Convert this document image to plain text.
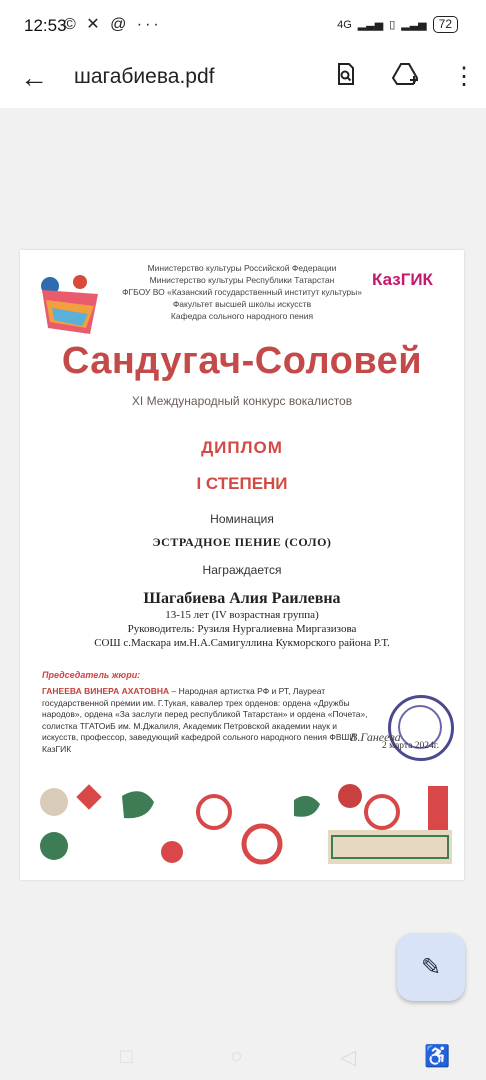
12:53
© ✕ @ ···	4G ▂▃▅ ▯ ▂▃▅	72
← шагабиева.pdf	⋮
Министерство культуры Российской Федерации
Министерство культуры Республики Татарстан
ФГБОУ ВО «Казанский государственный институт культуры»
Факультет высшей школы искусств
Кафедра сольного народного пения
КазГИК
Сандугач-Соловей
XI Международный конкурс вокалистов
ДИПЛОМ
I СТЕПЕНИ
Номинация
ЭСТРАДНОЕ ПЕНИЕ (СОЛО)
Награждается
Шагабиева Алия Раилевна
13-15 лет (IV возрастная группа)
Руководитель: Рузиля Нургалиевна Миргазизова
СОШ с.Маскара им.Н.А.Самигуллина Кукморского района Р.Т.
Председатель жюри:
ГАНЕЕВА ВИНЕРА АХАТОВНА – Народная артистка РФ и РТ, Лауреат государственной премии им. Г.Тукая, кавалер трех орденов: ордена «Дружбы народов», ордена «За заслуги перед республикой Татарстан» и ордена «Почета», солистка ТГАТОиБ им. М.Джалиля, Академик Петровской академии наук и искусств, профессор, заведующий кафедрой сольного народного пения ФВШИ КазГИК
В.Ганеева
2 марта 2024г.
✎
□	○	◁	♿
